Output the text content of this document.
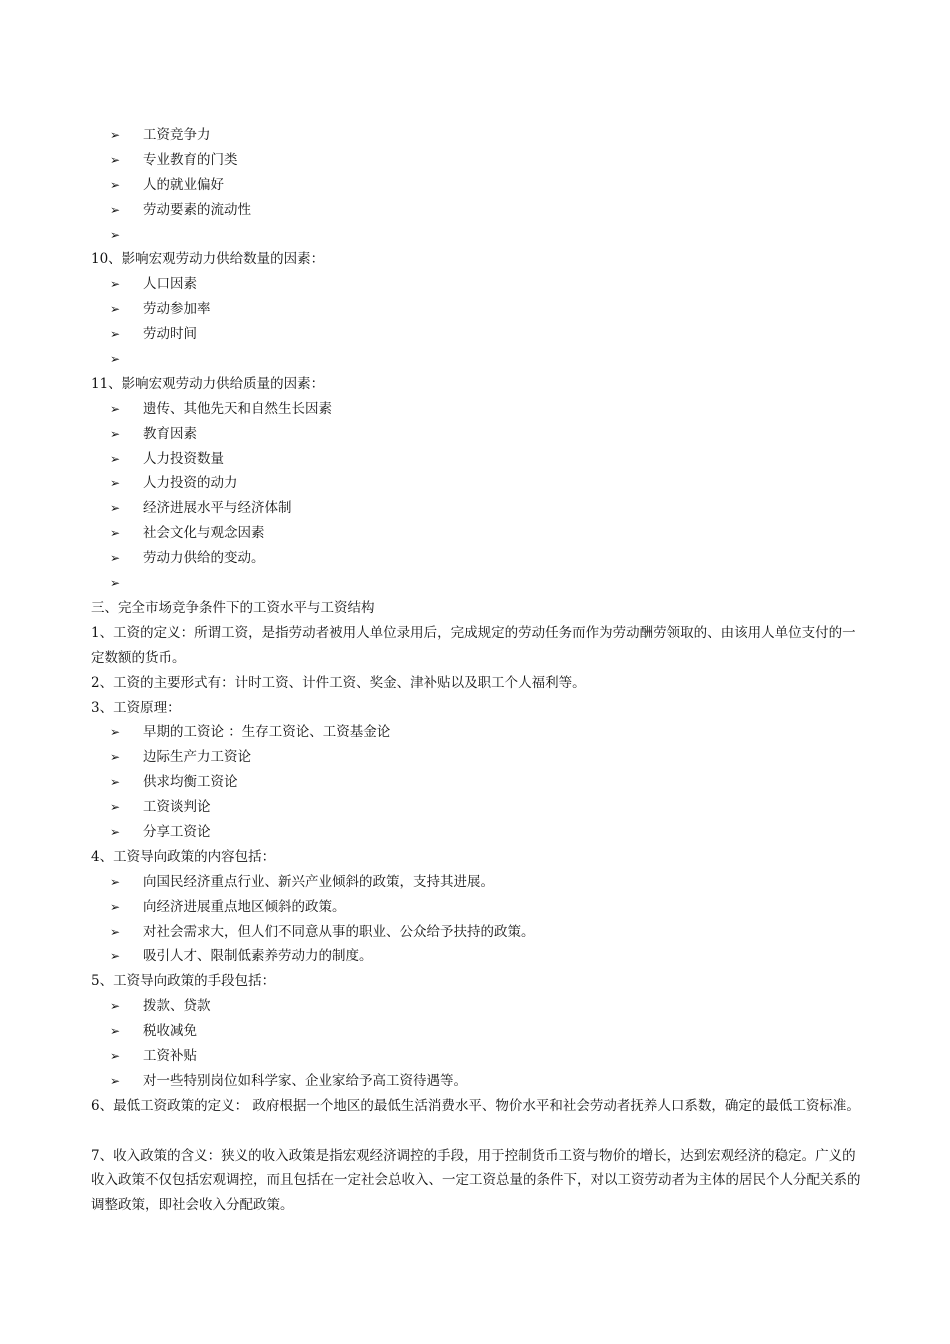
➢ 工资竞争力
➢ 专业教育的门类
➢ 人的就业偏好
➢ 劳动要素的流动性
➢
10、影响宏观劳动力供给数量的因素：
➢ 人口因素
➢ 劳动参加率
➢ 劳动时间
➢
11、影响宏观劳动力供给质量的因素：
➢ 遗传、其他先天和自然生长因素
➢ 教育因素
➢ 人力投资数量
➢ 人力投资的动力
➢ 经济进展水平与经济体制
➢ 社会文化与观念因素
➢ 劳动力供给的变动。
➢
三、完全市场竞争条件下的工资水平与工资结构
1、工资的定义：所谓工资，是指劳动者被用人单位录用后，完成规定的劳动任务而作为劳动酬劳领取的、由该用人单位支付的一定数额的货币。
2、工资的主要形式有：计时工资、计件工资、奖金、津补贴以及职工个人福利等。
3、工资原理：
➢ 早期的工资论 ：生存工资论、工资基金论
➢ 边际生产力工资论
➢ 供求均衡工资论
➢ 工资谈判论
➢ 分享工资论
4、工资导向政策的内容包括：
➢ 向国民经济重点行业、新兴产业倾斜的政策，支持其进展。
➢ 向经济进展重点地区倾斜的政策。
➢ 对社会需求大，但人们不同意从事的职业、公众给予扶持的政策。
➢ 吸引人才、限制低素养劳动力的制度。
5、工资导向政策的手段包括：
➢ 拨款、贷款
➢ 税收减免
➢ 工资补贴
➢ 对一些特别岗位如科学家、企业家给予高工资待遇等。
6、最低工资政策的定义： 政府根据一个地区的最低生活消费水平、物价水平和社会劳动者抚养人口系数，确定的最低工资标准。
7、收入政策的含义：狭义的收入政策是指宏观经济调控的手段，用于控制货币工资与物价的增长，达到宏观经济的稳定。广义的收入政策不仅包括宏观调控，而且包括在一定社会总收入、一定工资总量的条件下，对以工资劳动者为主体的居民个人分配关系的调整政策，即社会收入分配政策。
